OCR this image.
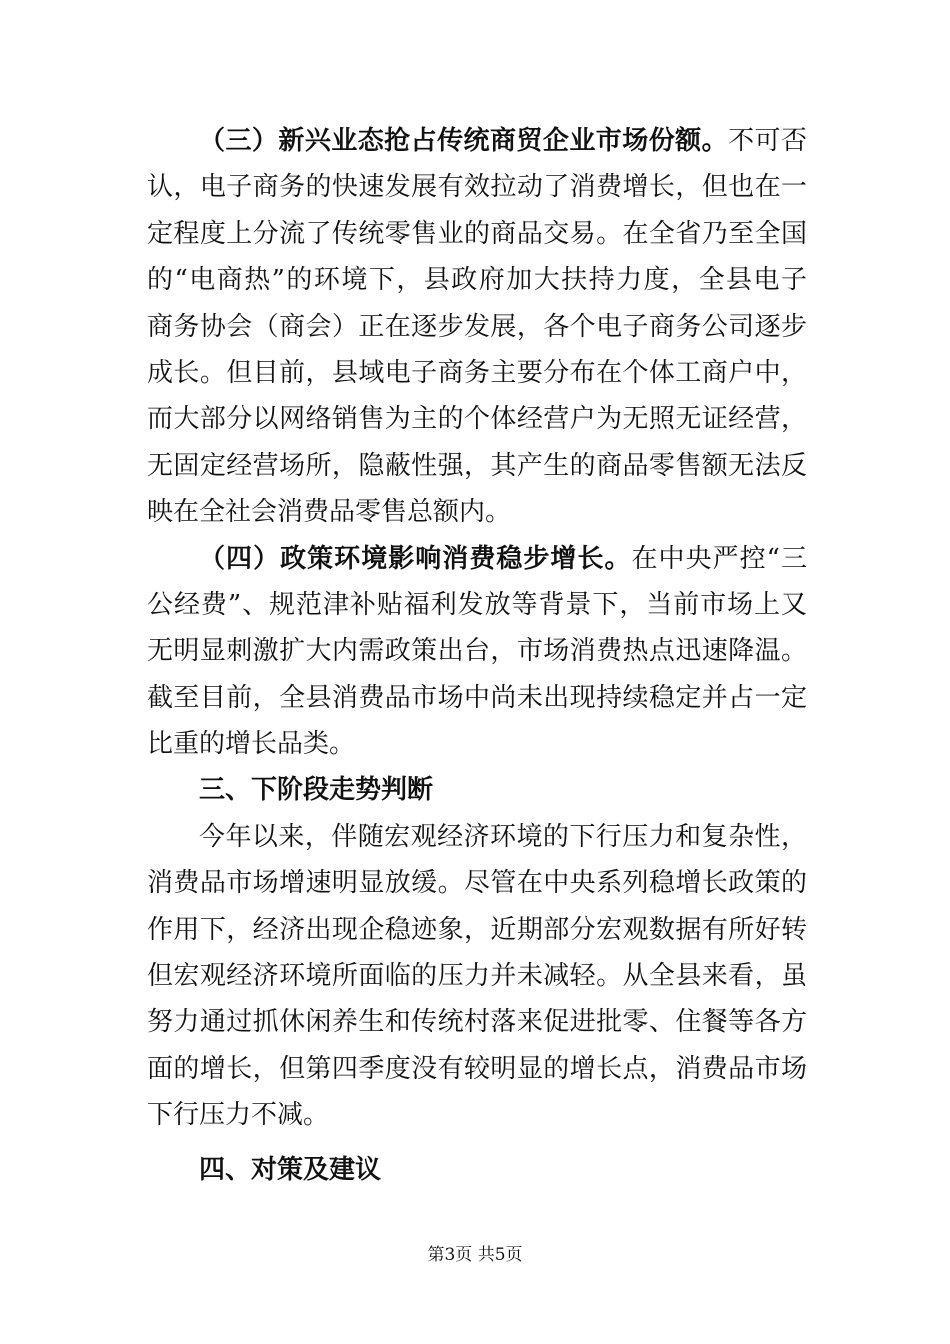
（三）新兴业态抢占传统商贸企业市场份额。不可否
认，电子商务的快速发展有效拉动了消费增长，但也在一
定程度上分流了传统零售业的商品交易。在全省乃至全国
的“电商热”的环境下，县政府加大扶持力度，全县电子
商务协会（商会）正在逐步发展，各个电子商务公司逐步
成长。但目前，县域电子商务主要分布在个体工商户中，
而大部分以网络销售为主的个体经营户为无照无证经营，
无固定经营场所，隐蔽性强，其产生的商品零售额无法反
映在全社会消费品零售总额内。
（四）政策环境影响消费稳步增长。在中央严控“三
公经费”、规范津补贴福利发放等背景下，当前市场上又
无明显刺激扩大内需政策出台，市场消费热点迅速降温。
截至目前，全县消费品市场中尚未出现持续稳定并占一定
比重的增长品类。
三、下阶段走势判断
今年以来，伴随宏观经济环境的下行压力和复杂性，
消费品市场增速明显放缓。尽管在中央系列稳增长政策的
作用下，经济出现企稳迹象，近期部分宏观数据有所好转
但宏观经济环境所面临的压力并未减轻。从全县来看，虽
努力通过抓休闲养生和传统村落来促进批零、住餐等各方
面的增长，但第四季度没有较明显的增长点，消费品市场
下行压力不减。
四、对策及建议
第3页 共5页
